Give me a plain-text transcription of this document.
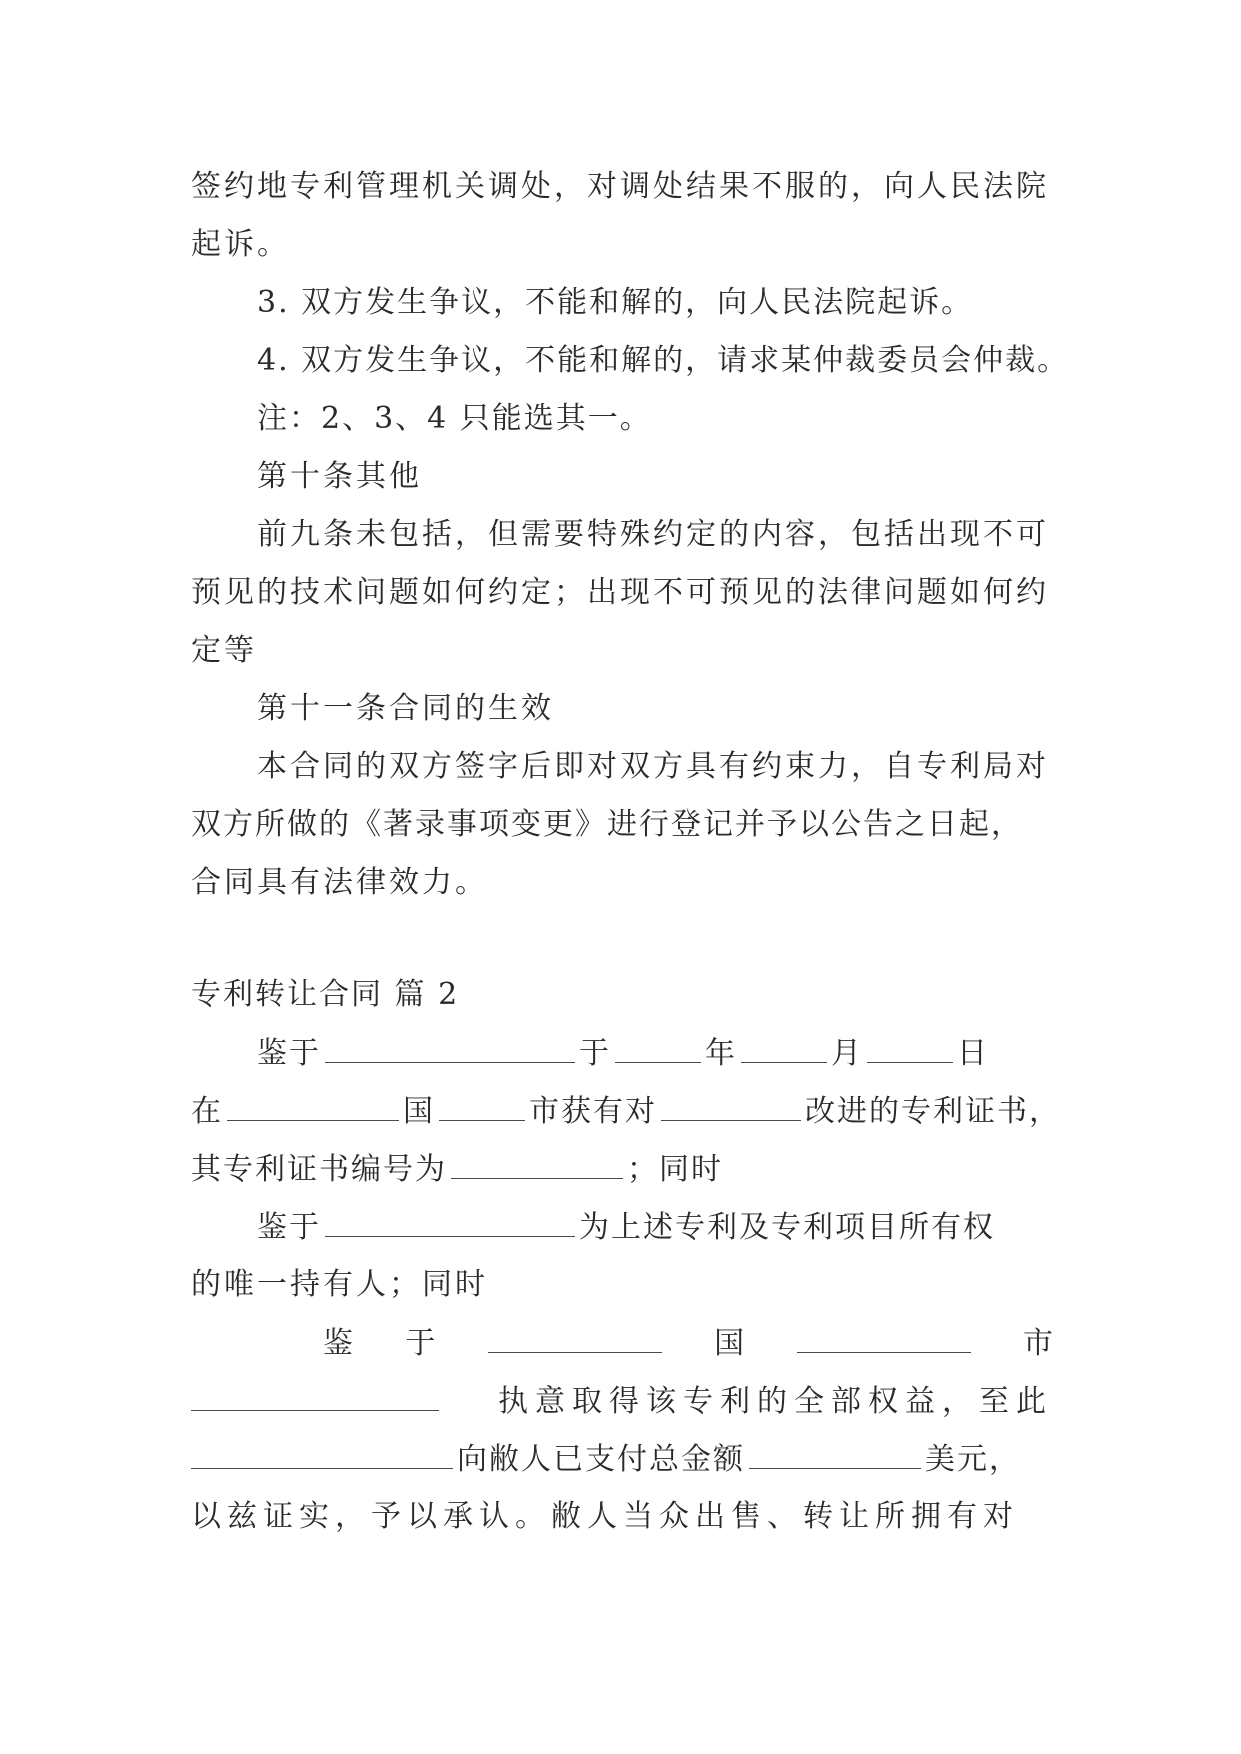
签约地专利管理机关调处，对调处结果不服的，向人民法院
起诉。
3. 双方发生争议，不能和解的，向人民法院起诉。
4. 双方发生争议，不能和解的，请求某仲裁委员会仲裁。
注：2、3、4 只能选其一。
第十条其他
前九条未包括，但需要特殊约定的内容，包括出现不可
预见的技术问题如何约定；出现不可预见的法律问题如何约
定等
第十一条合同的生效
本合同的双方签字后即对双方具有约束力，自专利局对
双方所做的《著录事项变更》进行登记并予以公告之日起，
合同具有法律效力。
专利转让合同 篇 2
鉴于	于	年	月	日
在	国	市获有对	改进的专利证书，
其专利证书编号为	；同时
鉴于	为上述专利及专利项目所有权
的唯一持有人；同时
鉴 于	国	市
执意取得该专利的全部权益，至此
向敝人已支付总金额	美元，
以兹证实，予以承认。敝人当众出售、转让所拥有对
